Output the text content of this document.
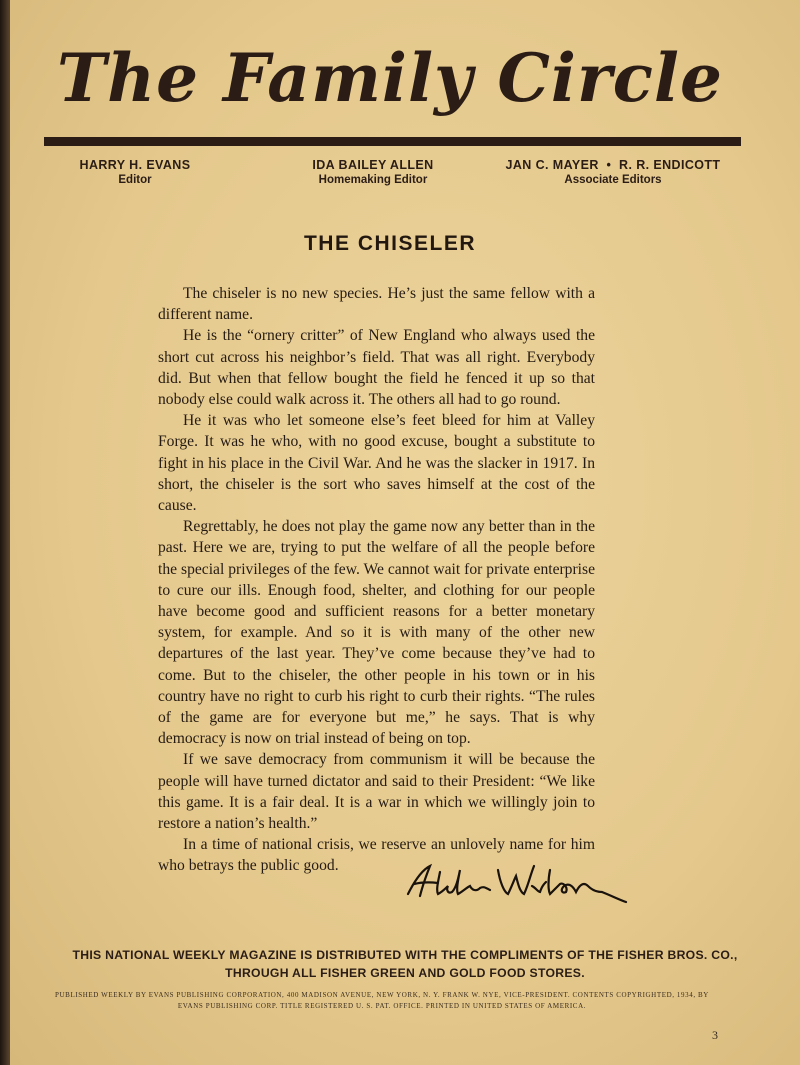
The Family Circle
HARRY H. EVANS
Editor
IDA BAILEY ALLEN
Homemaking Editor
JAN C. MAYER  •  R. R. ENDICOTT
Associate Editors
THE CHISELER

The chiseler is no new species. He’s just the same fellow with a different name.

He is the “ornery critter” of New England who always used the short cut across his neighbor’s field. That was all right. Everybody did. But when that fellow bought the field he fenced it up so that nobody else could walk across it. The others all had to go round.

He it was who let someone else’s feet bleed for him at Valley Forge. It was he who, with no good excuse, bought a substitute to fight in his place in the Civil War. And he was the slacker in 1917. In short, the chiseler is the sort who saves himself at the cost of the cause.

Regrettably, he does not play the game now any better than in the past. Here we are, trying to put the welfare of all the people before the special privileges of the few. We cannot wait for private enterprise to cure our ills. Enough food, shelter, and clothing for our people have become good and sufficient reasons for a better monetary system, for example. And so it is with many of the other new departures of the last year. They’ve come because they’ve had to come. But to the chiseler, the other people in his town or in his country have no right to curb his right to curb their rights. “The rules of the game are for everyone but me,” he says. That is why democracy is now on trial instead of being on top.

If we save democracy from communism it will be because the people will have turned dictator and said to their President: “We like this game. It is a fair deal. It is a war in which we willingly join to restore a nation’s health.”

In a time of national crisis, we reserve an unlovely name for him who betrays the public good.

THIS NATIONAL WEEKLY MAGAZINE IS DISTRIBUTED WITH THE COMPLIMENTS OF THE FISHER BROS. CO.,
THROUGH ALL FISHER GREEN AND GOLD FOOD STORES.
PUBLISHED WEEKLY BY EVANS PUBLISHING CORPORATION, 400 MADISON AVENUE, NEW YORK, N. Y. FRANK W. NYE, VICE-PRESIDENT. CONTENTS COPYRIGHTED, 1934, BY
EVANS PUBLISHING CORP. TITLE REGISTERED U. S. PAT. OFFICE. PRINTED IN UNITED STATES OF AMERICA.
3
